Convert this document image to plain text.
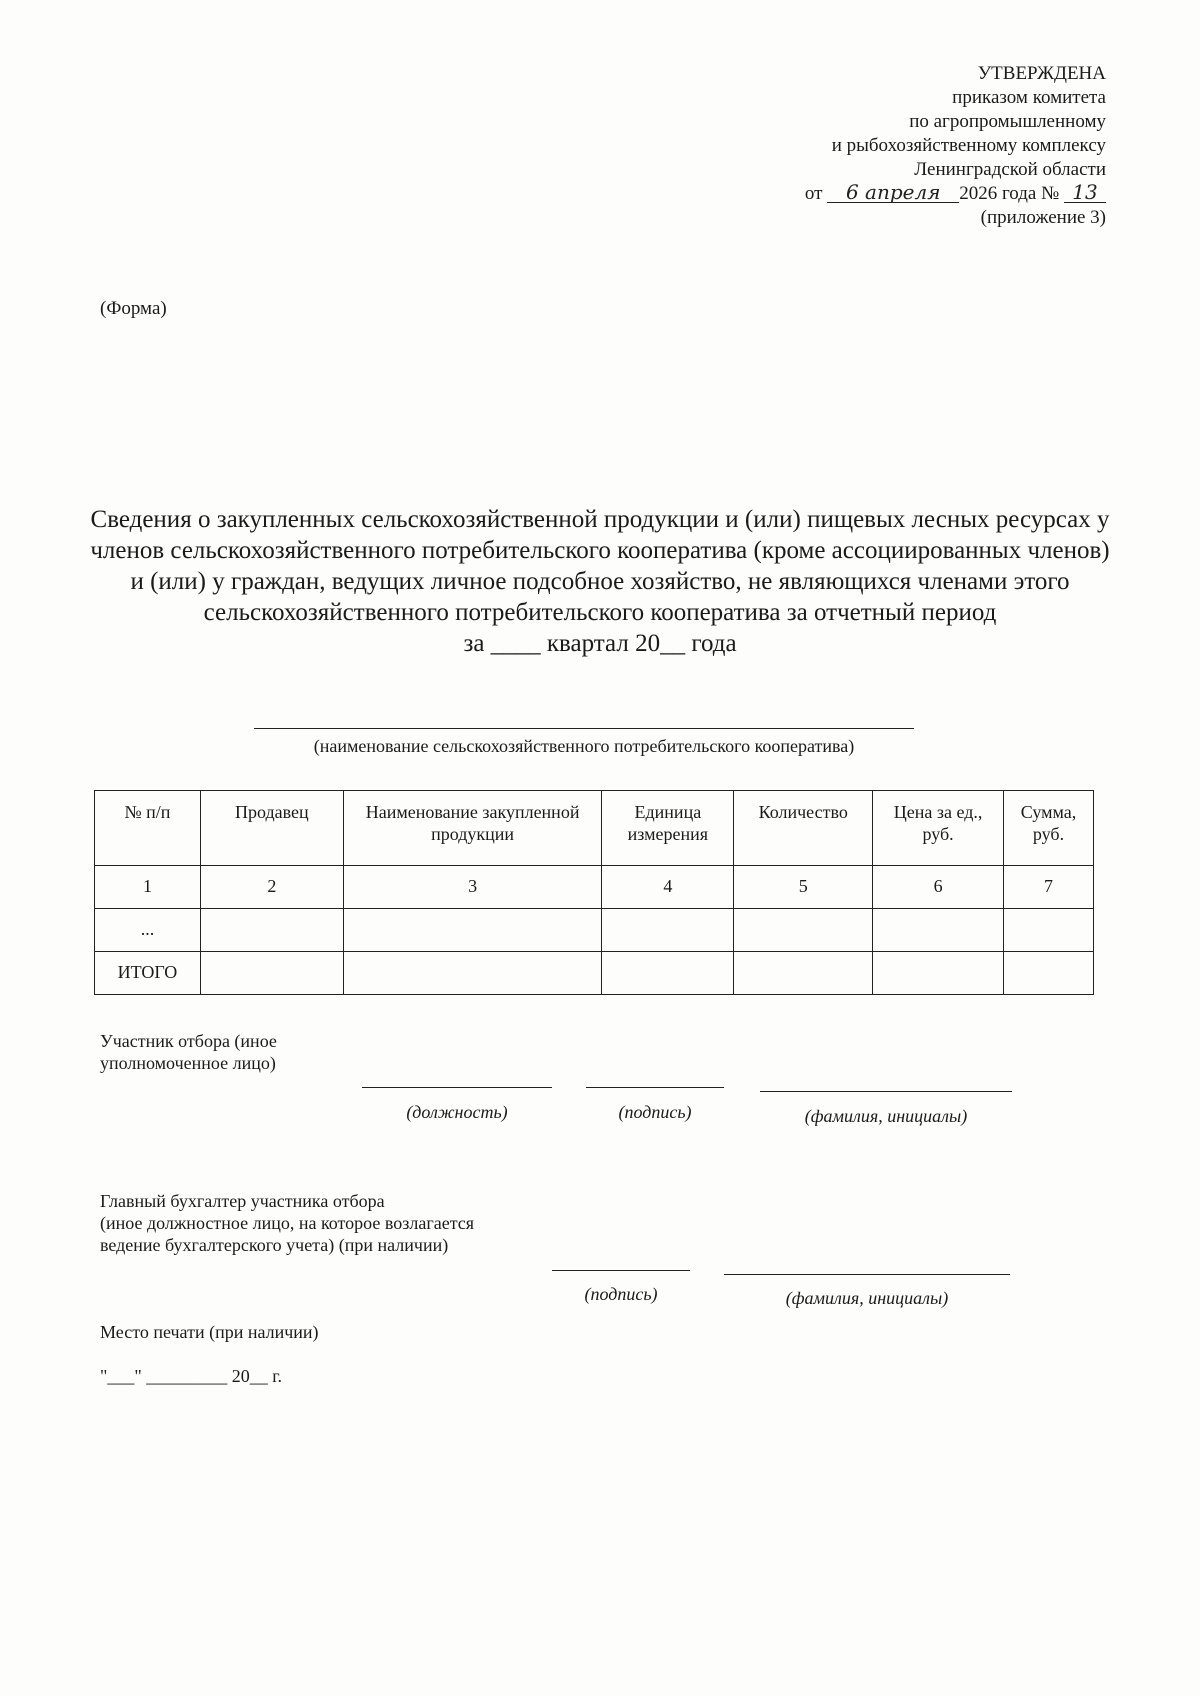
УТВЕРЖДЕНА
приказом комитета
по агропромышленному
и рыбохозяйственному комплексу
Ленинградской области
от 6 апреля 2026 года № 13
(приложение 3)
(Форма)
Сведения о закупленных сельскохозяйственной продукции и (или) пищевых лесных ресурсах у членов сельскохозяйственного потребительского кооператива (кроме ассоциированных членов) и (или) у граждан, ведущих личное подсобное хозяйство, не являющихся членами этого сельскохозяйственного потребительского кооператива за отчетный период
за ____ квартал 20__ года
(наименование сельскохозяйственного потребительского кооператива)
№ п/п	Продавец	Наименование закупленной продукции	Единица измерения	Количество	Цена за ед., руб.	Сумма, руб.
1	2	3	4	5	6	7
...						
ИТОГО						
Участник отбора (иное
уполномоченное лицо)
(должность)	(подпись)	(фамилия, инициалы)
Главный бухгалтер участника отбора
(иное должностное лицо, на которое возлагается
ведение бухгалтерского учета) (при наличии)
(подпись)	(фамилия, инициалы)
Место печати (при наличии)
"___" _________ 20__ г.
